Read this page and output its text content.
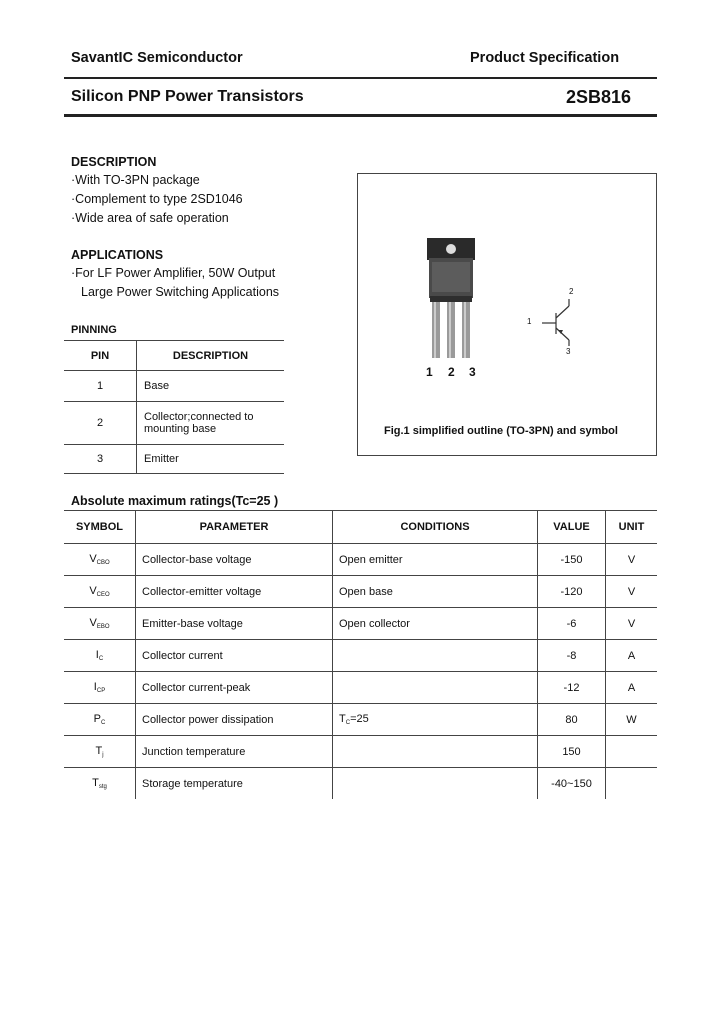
SavantIC Semiconductor	Product Specification
Silicon PNP Power Transistors	2SB816
DESCRIPTION
·With TO-3PN package
·Complement to type 2SD1046
·Wide area of safe operation
APPLICATIONS
·For LF Power Amplifier, 50W Output
Large Power Switching Applications
PINNING
PIN	DESCRIPTION
1	Base
2	Collector;connected to mounting base
3	Emitter
1 2 3
1
2
3
Fig.1 simplified outline (TO-3PN) and symbol
Absolute maximum ratings(Tc=25 )
SYMBOL	PARAMETER	CONDITIONS	VALUE	UNIT
$V_{CBO}$	Collector-base voltage	Open emitter	-150	V
$V_{CEO}$	Collector-emitter voltage	Open base	-120	V
$V_{EBO}$	Emitter-base voltage	Open collector	-6	V
$I_C$	Collector current		-8	A
$I_{CP}$	Collector current-peak		-12	A
$P_C$	Collector power dissipation	$T_C=25$	80	W
$T_j$	Junction temperature		150	
$T_{stg}$	Storage temperature		-40~150	
